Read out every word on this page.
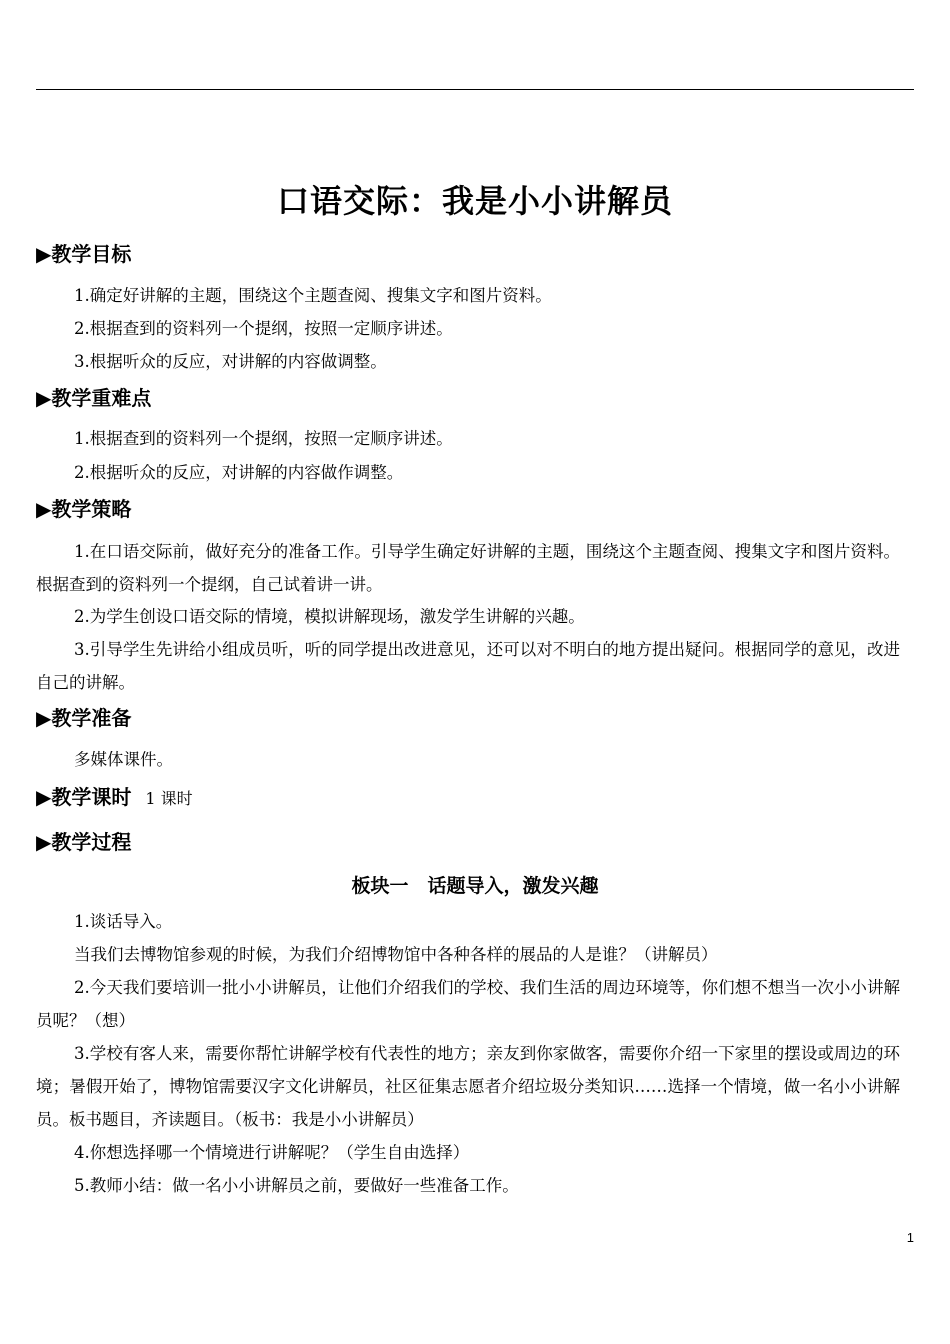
口语交际：我是小小讲解员
▶教学目标

1.确定好讲解的主题，围绕这个主题查阅、搜集文字和图片资料。

2.根据查到的资料列一个提纲，按照一定顺序讲述。

3.根据听众的反应，对讲解的内容做调整。

▶教学重难点

1.根据查到的资料列一个提纲，按照一定顺序讲述。

2.根据听众的反应，对讲解的内容做作调整。

▶教学策略

1.在口语交际前，做好充分的准备工作。引导学生确定好讲解的主题，围绕这个主题查阅、搜集文字和图片资料。根据查到的资料列一个提纲，自己试着讲一讲。

2.为学生创设口语交际的情境，模拟讲解现场，激发学生讲解的兴趣。

3.引导学生先讲给小组成员听，听的同学提出改进意见，还可以对不明白的地方提出疑问。根据同学的意见，改进自己的讲解。

▶教学准备

多媒体课件。

▶教学课时 1 课时
▶教学过程
板块一　话题导入，激发兴趣

1.谈话导入。

当我们去博物馆参观的时候，为我们介绍博物馆中各种各样的展品的人是谁？（讲解员）

2.今天我们要培训一批小小讲解员，让他们介绍我们的学校、我们生活的周边环境等，你们想不想当一次小小讲解员呢？（想）

3.学校有客人来，需要你帮忙讲解学校有代表性的地方；亲友到你家做客，需要你介绍一下家里的摆设或周边的环境；暑假开始了，博物馆需要汉字文化讲解员，社区征集志愿者介绍垃圾分类知识……选择一个情境，做一名小小讲解员。板书题目，齐读题目。（板书：我是小小讲解员）

4.你想选择哪一个情境进行讲解呢？（学生自由选择）

5.教师小结：做一名小小讲解员之前，要做好一些准备工作。

1
